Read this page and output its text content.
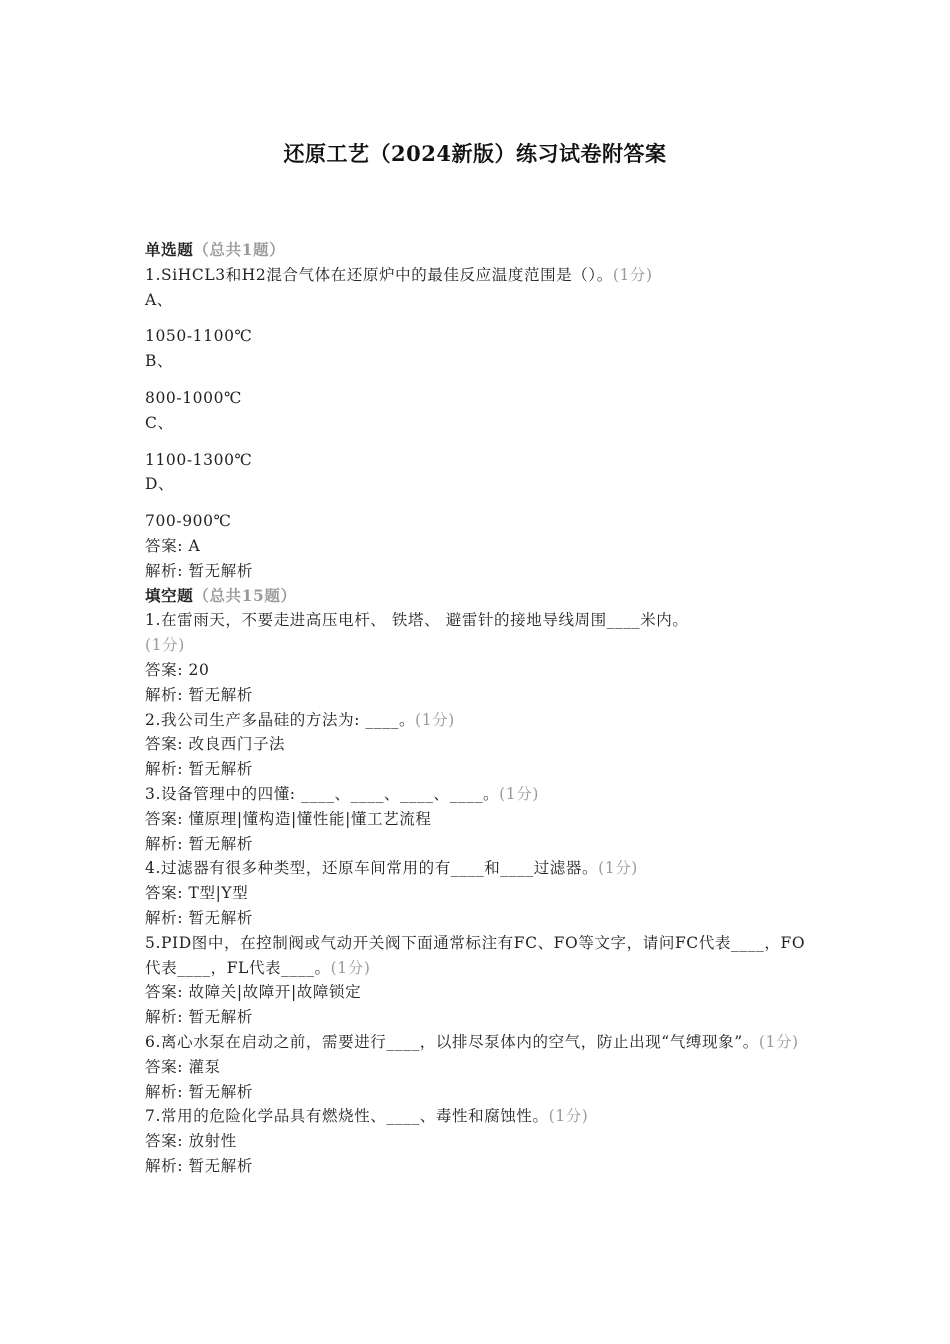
还原工艺（2024新版）练习试卷附答案
单选题（总共1题）
1.SiHCL3和H2混合气体在还原炉中的最佳反应温度范围是（）。(1分)
A、
1050-1100℃
B、
800-1000℃
C、
1100-1300℃
D、
700-900℃
答案: A
解析: 暂无解析
填空题（总共15题）
1.在雷雨天，不要走进高压电杆、 铁塔、 避雷针的接地导线周围____米内。
(1分)
答案: 20
解析: 暂无解析
2.我公司生产多晶硅的方法为: ____。(1分)
答案: 改良西门子法
解析: 暂无解析
3.设备管理中的四懂: ____、____、____、____。(1分)
答案: 懂原理|懂构造|懂性能|懂工艺流程
解析: 暂无解析
4.过滤器有很多种类型，还原车间常用的有____和____过滤器。(1分)
答案: T型|Y型
解析: 暂无解析
5.PID图中，在控制阀或气动开关阀下面通常标注有FC、FO等文字，请问FC代表____，FO代表____，FL代表____。(1分)
答案: 故障关|故障开|故障锁定
解析: 暂无解析
6.离心水泵在启动之前，需要进行____，以排尽泵体内的空气，防止出现“气缚现象”。(1分)
答案: 灌泵
解析: 暂无解析
7.常用的危险化学品具有燃烧性、____、毒性和腐蚀性。(1分)
答案: 放射性
解析: 暂无解析
